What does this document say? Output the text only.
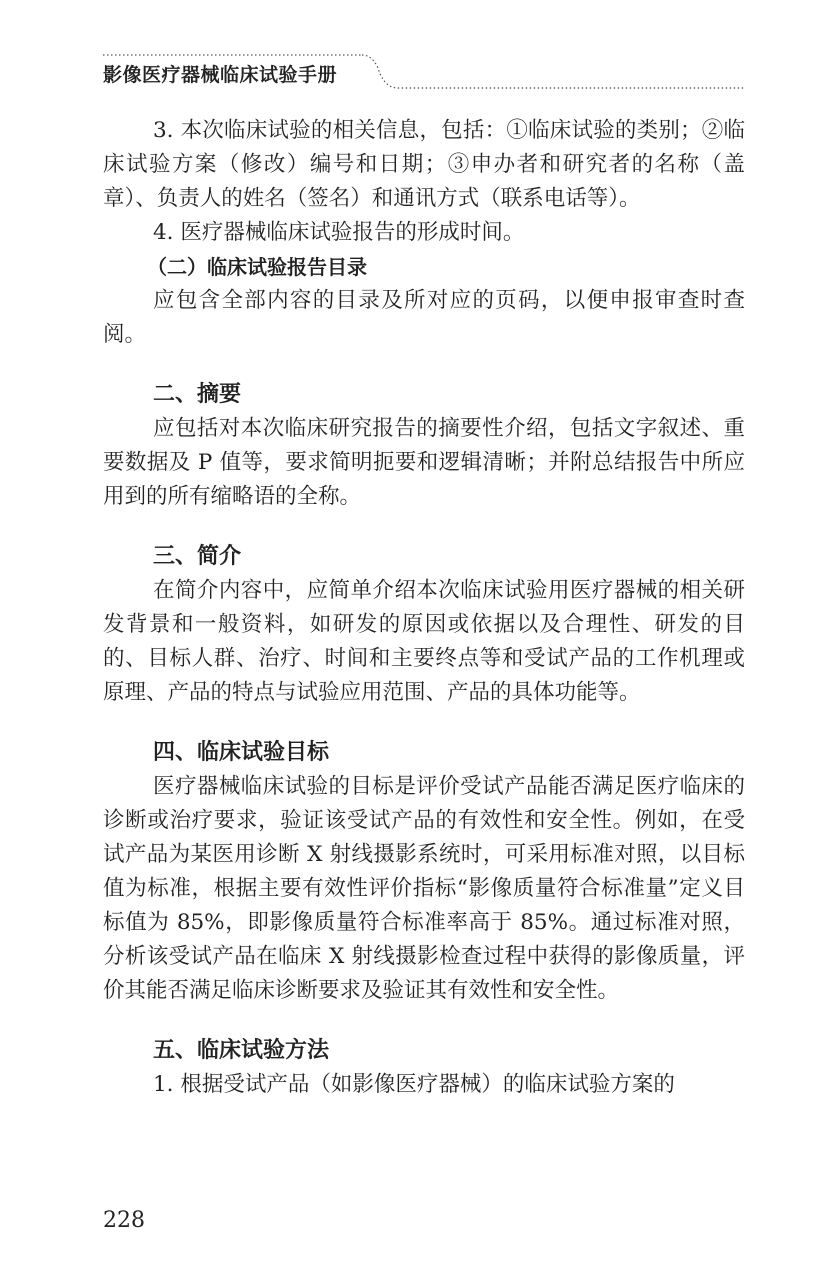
影像医疗器械临床试验手册

3. 本次临床试验的相关信息，包括：①临床试验的类别；②临床试验方案（修改）编号和日期；③申办者和研究者的名称（盖章）、负责人的姓名（签名）和通讯方式（联系电话等）。

4. 医疗器械临床试验报告的形成时间。

（二）临床试验报告目录

应包含全部内容的目录及所对应的页码，以便申报审查时查阅。

二、摘要

应包括对本次临床研究报告的摘要性介绍，包括文字叙述、重要数据及 P 值等，要求简明扼要和逻辑清晰；并附总结报告中所应用到的所有缩略语的全称。

三、简介

在简介内容中，应简单介绍本次临床试验用医疗器械的相关研发背景和一般资料，如研发的原因或依据以及合理性、研发的目的、目标人群、治疗、时间和主要终点等和受试产品的工作机理或原理、产品的特点与试验应用范围、产品的具体功能等。

四、临床试验目标

医疗器械临床试验的目标是评价受试产品能否满足医疗临床的诊断或治疗要求，验证该受试产品的有效性和安全性。例如，在受试产品为某医用诊断 X 射线摄影系统时，可采用标准对照，以目标值为标准，根据主要有效性评价指标“影像质量符合标准量”定义目标值为 85%，即影像质量符合标准率高于 85%。通过标准对照，分析该受试产品在临床 X 射线摄影检查过程中获得的影像质量，评价其能否满足临床诊断要求及验证其有效性和安全性。

五、临床试验方法

1. 根据受试产品（如影像医疗器械）的临床试验方案的

228
